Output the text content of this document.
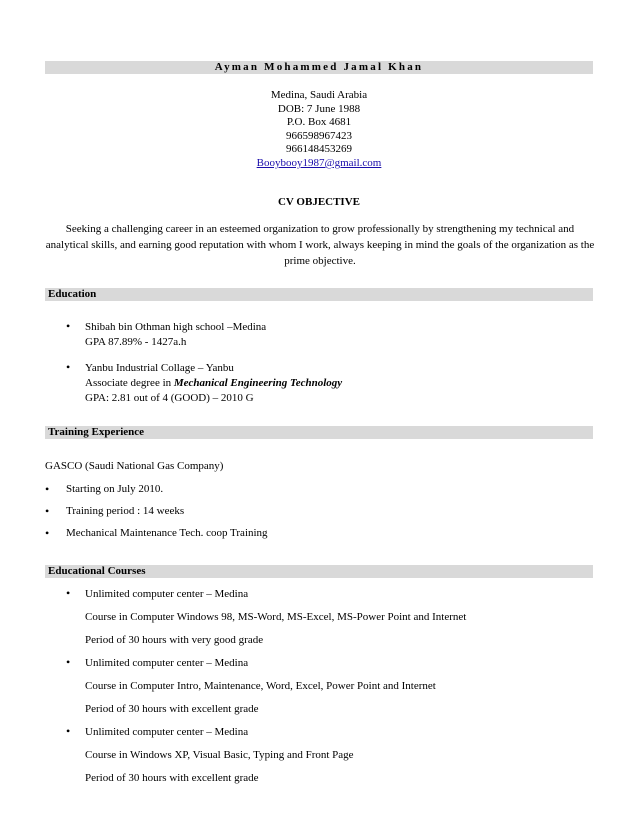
Ayman Mohammed Jamal Khan
Medina, Saudi Arabia
DOB: 7 June 1988
P.O. Box 4681
966598967423
966148453269
Booybooy1987@gmail.com
CV OBJECTIVE
Seeking a challenging career in an esteemed organization to grow professionally by strengthening my technical and analytical skills, and earning good reputation with whom I work, always keeping in mind the goals of the organization as the prime objective.
Education
• Shibah bin Othman high school –Medina
GPA 87.89% - 1427a.h
• Yanbu Industrial Collage – Yanbu
Associate degree in Mechanical Engineering Technology
GPA: 2.81 out of 4 (GOOD) – 2010 G
Training Experience
GASCO (Saudi National Gas Company)
• Starting on July 2010.
• Training period : 14 weeks
• Mechanical Maintenance Tech. coop Training
Educational Courses
• Unlimited computer center – Medina
Course in Computer Windows 98, MS-Word, MS-Excel, MS-Power Point and Internet
Period of 30 hours with very good grade
• Unlimited computer center – Medina
Course in Computer Intro, Maintenance, Word, Excel, Power Point and Internet
Period of 30 hours with excellent grade
• Unlimited computer center – Medina
Course in Windows XP, Visual Basic, Typing and Front Page
Period of 30 hours with excellent grade
